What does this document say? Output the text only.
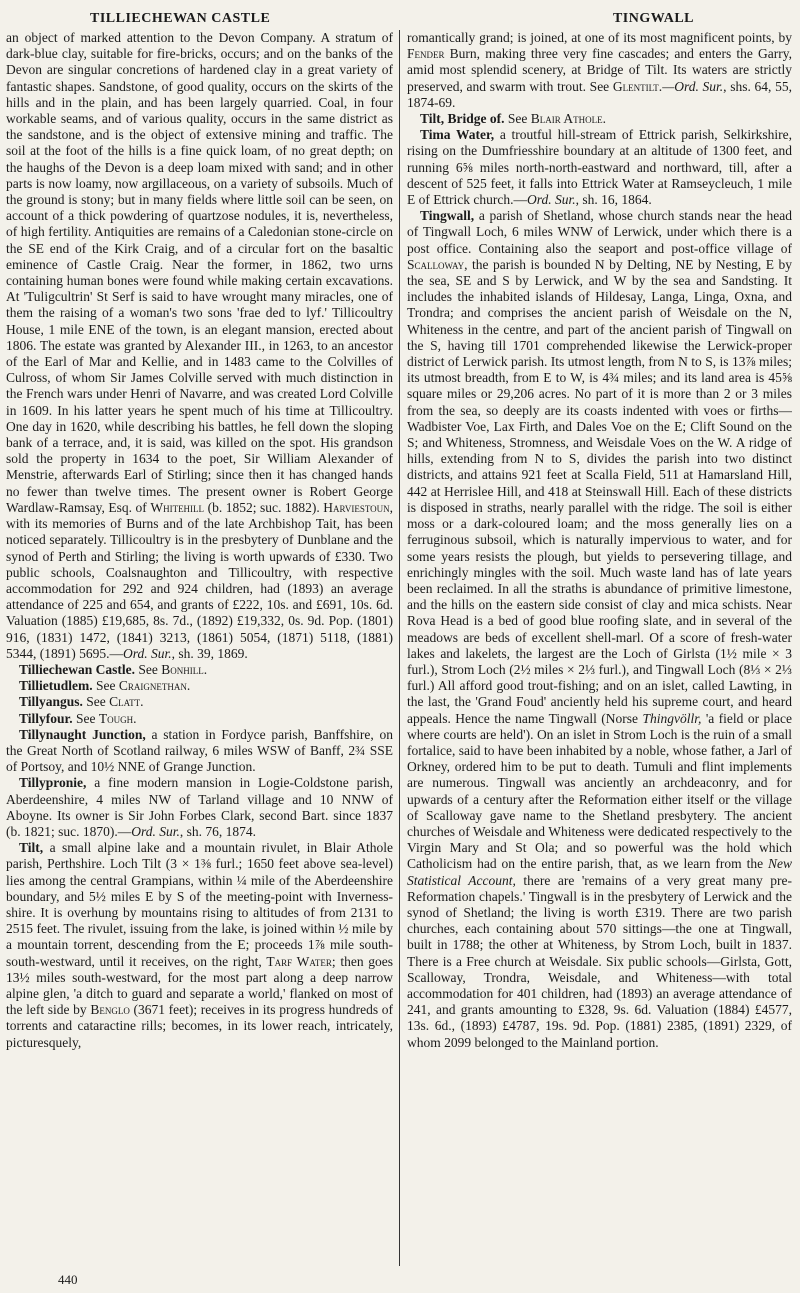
TILLIECHEWAN CASTLE	TINGWALL

an object of marked attention to the Devon Company. A stratum of dark-blue clay, suitable for fire-bricks, occurs; and on the banks of the Devon are singular concretions of hardened clay in a great variety of fantastic shapes. Sandstone, of good quality, occurs on the skirts of the hills and in the plain, and has been largely quarried. Coal, in four workable seams, and of various quality, occurs in the same district as the sandstone, and is the object of extensive mining and traffic. The soil at the foot of the hills is a fine quick loam, of no great depth; on the haughs of the Devon is a deep loam mixed with sand; and in other parts is now loamy, now argillaceous, on a variety of subsoils. Much of the ground is stony; but in many fields where little soil can be seen, on account of a thick powdering of quartzose nodules, it is, nevertheless, of high fertility. Antiquities are remains of a Caledonian stone-circle on the SE end of the Kirk Craig, and of a circular fort on the basaltic eminence of Castle Craig. Near the former, in 1862, two urns containing human bones were found while making certain excavations. At 'Tuligcultrin' St Serf is said to have wrought many miracles, one of them the raising of a woman's two sons 'frae ded to lyf.' Tillicoultry House, 1 mile ENE of the town, is an elegant mansion, erected about 1806. The estate was granted by Alexander III., in 1263, to an ancestor of the Earl of Mar and Kellie, and in 1483 came to the Colvilles of Culross, of whom Sir James Colville served with much distinction in the French wars under Henri of Navarre, and was created Lord Colville in 1609. In his latter years he spent much of his time at Tillicoultry. One day in 1620, while describing his battles, he fell down the sloping bank of a terrace, and, it is said, was killed on the spot. His grandson sold the property in 1634 to the poet, Sir William Alexander of Menstrie, afterwards Earl of Stirling; since then it has changed hands no fewer than twelve times. The present owner is Robert George Wardlaw-Ramsay, Esq. of Whitehill (b. 1852; suc. 1882). Harviestoun, with its memories of Burns and of the late Archbishop Tait, has been noticed separately. Tillicoultry is in the presbytery of Dunblane and the synod of Perth and Stirling; the living is worth upwards of £330. Two public schools, Coalsnaughton and Tillicoultry, with respective accommodation for 292 and 924 children, had (1893) an average attendance of 225 and 654, and grants of £222, 10s. and £691, 10s. 6d. Valuation (1885) £19,685, 8s. 7d., (1892) £19,332, 0s. 9d. Pop. (1801) 916, (1831) 1472, (1841) 3213, (1861) 5054, (1871) 5118, (1881) 5344, (1891) 5695.—Ord. Sur., sh. 39, 1869.

Tilliechewan Castle. See Bonhill.

Tillietudlem. See Craignethan.

Tillyangus. See Clatt.

Tillyfour. See Tough.

Tillynaught Junction, a station in Fordyce parish, Banffshire, on the Great North of Scotland railway, 6 miles WSW of Banff, 2¾ SSE of Portsoy, and 10½ NNE of Grange Junction.

Tillypronie, a fine modern mansion in Logie-Coldstone parish, Aberdeenshire, 4 miles NW of Tarland village and 10 NNW of Aboyne. Its owner is Sir John Forbes Clark, second Bart. since 1837 (b. 1821; suc. 1870).—Ord. Sur., sh. 76, 1874.

Tilt, a small alpine lake and a mountain rivulet, in Blair Athole parish, Perthshire. Loch Tilt (3 × 1⅜ furl.; 1650 feet above sea-level) lies among the central Grampians, within ¼ mile of the Aberdeenshire boundary, and 5½ miles E by S of the meeting-point with Inverness-shire. It is overhung by mountains rising to altitudes of from 2131 to 2515 feet. The rivulet, issuing from the lake, is joined within ½ mile by a mountain torrent, descending from the E; proceeds 1⅞ mile south-south-westward, until it receives, on the right, Tarf Water; then goes 13½ miles south-westward, for the most part along a deep narrow alpine glen, 'a ditch to guard and separate a world,' flanked on most of the left side by Benglo (3671 feet); receives in its progress hundreds of torrents and cataractine rills; becomes, in its lower reach, intricately, picturesquely,

romantically grand; is joined, at one of its most magnificent points, by Fender Burn, making three very fine cascades; and enters the Garry, amid most splendid scenery, at Bridge of Tilt. Its waters are strictly preserved, and swarm with trout. See Glentilt.—Ord. Sur., shs. 64, 55, 1874-69.

Tilt, Bridge of. See Blair Athole.

Tima Water, a troutful hill-stream of Ettrick parish, Selkirkshire, rising on the Dumfriesshire boundary at an altitude of 1300 feet, and running 6⅝ miles north-north-eastward and northward, till, after a descent of 525 feet, it falls into Ettrick Water at Ramseycleuch, 1 mile E of Ettrick church.—Ord. Sur., sh. 16, 1864.

Tingwall, a parish of Shetland, whose church stands near the head of Tingwall Loch, 6 miles WNW of Lerwick, under which there is a post office. Containing also the seaport and post-office village of Scalloway, the parish is bounded N by Delting, NE by Nesting, E by the sea, SE and S by Lerwick, and W by the sea and Sandsting. It includes the inhabited islands of Hildesay, Langa, Linga, Oxna, and Trondra; and comprises the ancient parish of Weisdale on the N, Whiteness in the centre, and part of the ancient parish of Tingwall on the S, having till 1701 comprehended likewise the Lerwick-proper district of Lerwick parish. Its utmost length, from N to S, is 13⅞ miles; its utmost breadth, from E to W, is 4¾ miles; and its land area is 45⅝ square miles or 29,206 acres. No part of it is more than 2 or 3 miles from the sea, so deeply are its coasts indented with voes or firths—Wadbister Voe, Lax Firth, and Dales Voe on the E; Clift Sound on the S; and Whiteness, Stromness, and Weisdale Voes on the W. A ridge of hills, extending from N to S, divides the parish into two distinct districts, and attains 921 feet at Scalla Field, 511 at Hamarsland Hill, 442 at Herrislee Hill, and 418 at Steinswall Hill. Each of these districts is disposed in straths, nearly parallel with the ridge. The soil is either moss or a dark-coloured loam; and the moss generally lies on a ferruginous subsoil, which is naturally impervious to water, and for some years resists the plough, but yields to persevering tillage, and enrichingly mingles with the soil. Much waste land has of late years been reclaimed. In all the straths is abundance of primitive limestone, and the hills on the eastern side consist of clay and mica schists. Near Rova Head is a bed of good blue roofing slate, and in several of the meadows are beds of excellent shell-marl. Of a score of fresh-water lakes and lakelets, the largest are the Loch of Girlsta (1½ mile × 3 furl.), Strom Loch (2½ miles × 2⅓ furl.), and Tingwall Loch (8⅓ × 2⅓ furl.) All afford good trout-fishing; and on an islet, called Lawting, in the last, the 'Grand Foud' anciently held his supreme court, and heard appeals. Hence the name Tingwall (Norse Thingvöllr, 'a field or place where courts are held'). On an islet in Strom Loch is the ruin of a small fortalice, said to have been inhabited by a noble, whose father, a Jarl of Orkney, ordered him to be put to death. Tumuli and flint implements are numerous. Tingwall was anciently an archdeaconry, and for upwards of a century after the Reformation either itself or the village of Scalloway gave name to the Shetland presbytery. The ancient churches of Weisdale and Whiteness were dedicated respectively to the Virgin Mary and St Ola; and so powerful was the hold which Catholicism had on the entire parish, that, as we learn from the New Statistical Account, there are 'remains of a very great many pre-Reformation chapels.' Tingwall is in the presbytery of Lerwick and the synod of Shetland; the living is worth £319. There are two parish churches, each containing about 570 sittings—the one at Tingwall, built in 1788; the other at Whiteness, by Strom Loch, built in 1837. There is a Free church at Weisdale. Six public schools—Girlsta, Gott, Scalloway, Trondra, Weisdale, and Whiteness—with total accommodation for 401 children, had (1893) an average attendance of 241, and grants amounting to £328, 9s. 6d. Valuation (1884) £4577, 13s. 6d., (1893) £4787, 19s. 9d. Pop. (1881) 2385, (1891) 2329, of whom 2099 belonged to the Mainland portion.

440
